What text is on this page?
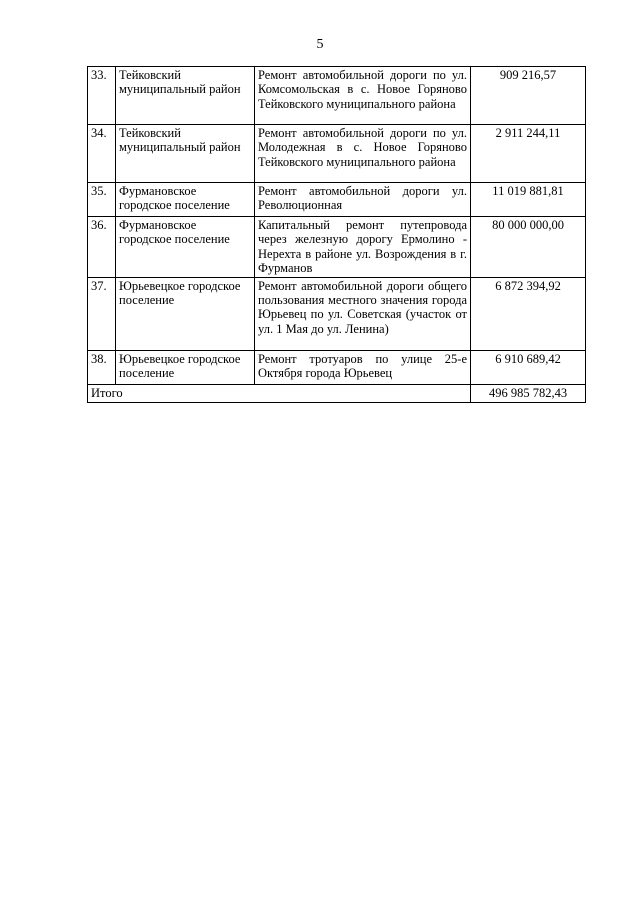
5
33.	Тейковский муниципальный район	Ремонт автомобильной дороги по ул. Комсомольская в с. Новое Горяново Тейковского муниципального района	909 216,57
34.	Тейковский муниципальный район	Ремонт автомобильной дороги по ул. Молодежная в с. Новое Горяново Тейковского муниципального района	2 911 244,11
35.	Фурмановское городское поселение	Ремонт автомобильной дороги ул. Революционная	11 019 881,81
36.	Фурмановское городское поселение	Капитальный ремонт путепровода через железную дорогу Ермолино - Нерехта в районе ул. Возрождения в г. Фурманов	80 000 000,00
37.	Юрьевецкое городское поселение	Ремонт автомобильной дороги общего пользования местного значения города Юрьевец по ул. Советская (участок от ул. 1 Мая до ул. Ленина)	6 872 394,92
38.	Юрьевецкое городское поселение	Ремонт тротуаров по улице 25-е Октября города Юрьевец	6 910 689,42
Итого			496 985 782,43
